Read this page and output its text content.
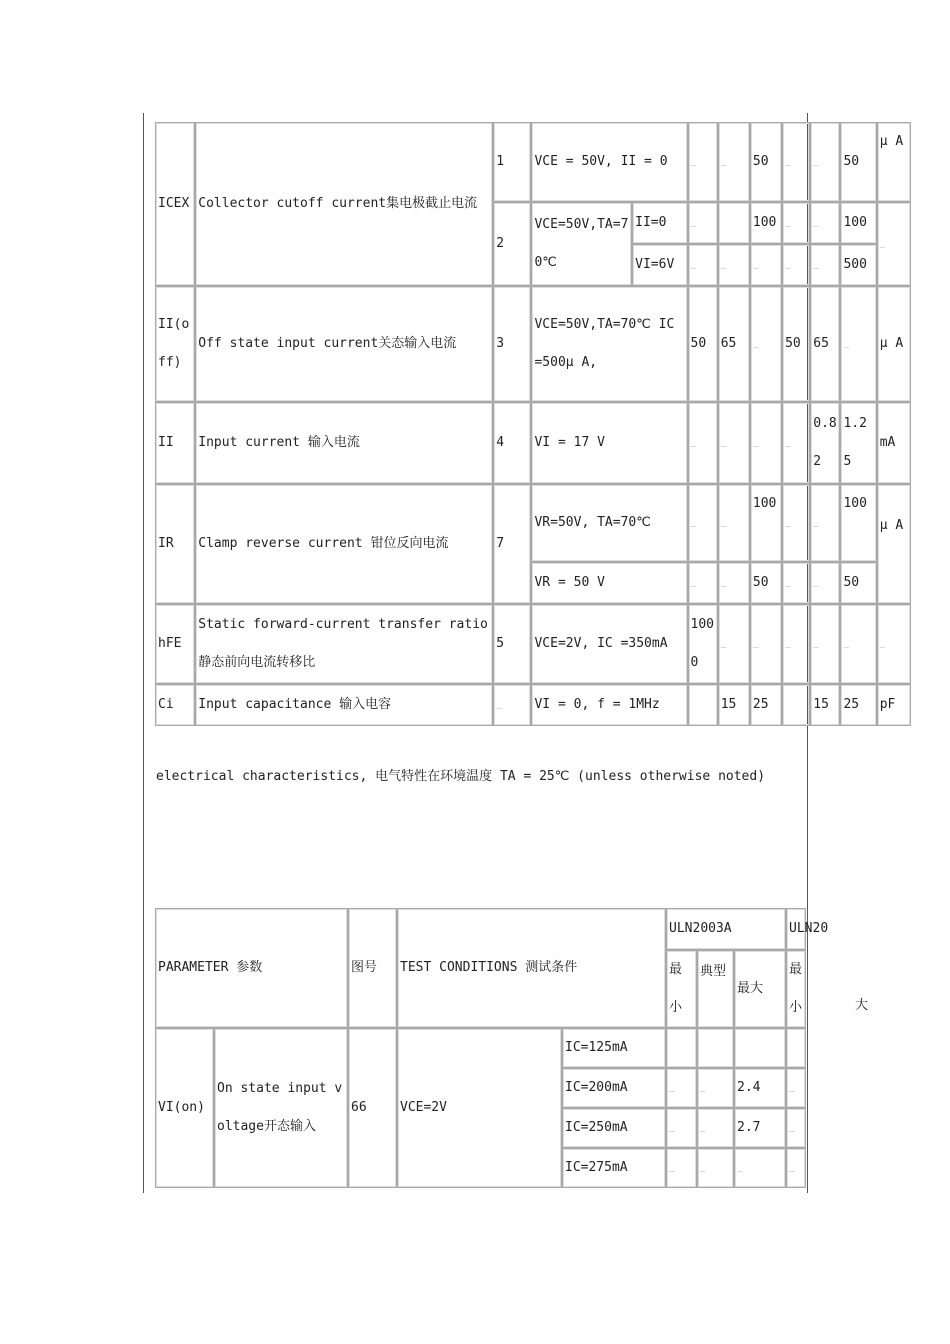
ICEX	Collector cutoff current集电极截止电流	1	VCE = 50V, II = 0		_	_	50	_	_	50	μ A
		2	VCE=50V,TA=70℃	II=0	_		100	_	_	100	_
				VI=6V	_	_	_	_	_	500	
II(off)	Off state input current关态输入电流	3	VCE=50V,TA=70℃ IC =500μ A,		50	65	_	50	65	_	μ A
II	Input current 输入电流	4	VI = 17 V		_	_	_	_	0.82	1.25	mA
IR	Clamp reverse current 钳位反向电流	7	VR=50V, TA=70℃		_	_	100	_	_	100	μ A
			VR = 50 V		_	_	50	_	_	50	
hFE	Static forward-current transfer ratio 静态前向电流转移比	5	VCE=2V, IC =350mA		1000	_	_	_	_	_	_
Ci	Input capacitance 输入电容	_	VI = 0, f = 1MHz			15	25		15	25	pF
electrical characteristics, 电气特性在环境温度 TA = 25℃ (unless otherwise noted)
PARAMETER 参数		图号	TEST CONDITIONS 测试条件		ULN2003A			ULN20
					最小	典型	最大	最小
VI(on)	On state input voltage开态输入	66	VCE=2V	IC=125mA				
				IC=200mA	_	_	2.4	_
				IC=250mA	_	_	2.7	_
				IC=275mA	_	_	_	_
大
